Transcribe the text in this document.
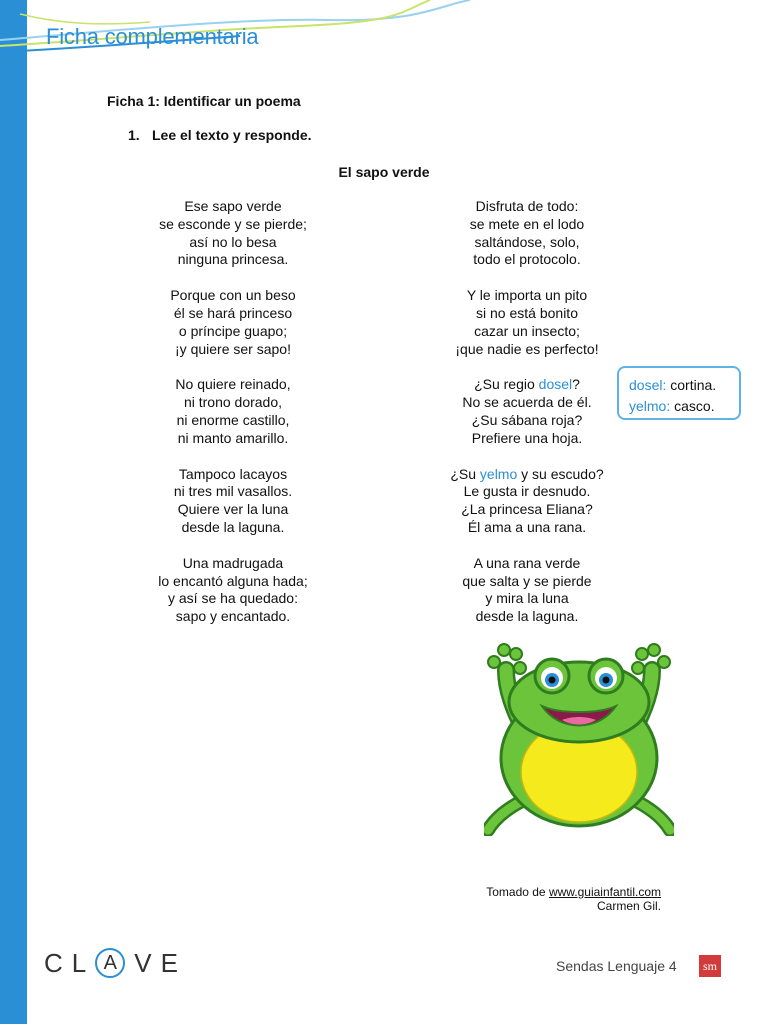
Ficha complementaria
Ficha 1: Identificar un poema
1. Lee el texto y responde.
El sapo verde
Ese sapo verde
se esconde y se pierde;
así no lo besa
ninguna princesa.
Porque con un beso
él se hará princeso
o príncipe guapo;
¡y quiere ser sapo!
No quiere reinado,
ni trono dorado,
ni enorme castillo,
ni manto amarillo.
Tampoco lacayos
ni tres mil vasallos.
Quiere ver la luna
desde la laguna.
Una madrugada
lo encantó alguna hada;
y así se ha quedado:
sapo y encantado.
Disfruta de todo:
se mete en el lodo
saltándose, solo,
todo el protocolo.
Y le importa un pito
si no está bonito
cazar un insecto;
¡que nadie es perfecto!
¿Su regio dosel?
No se acuerda de él.
¿Su sábana roja?
Prefiere una hoja.
¿Su yelmo y su escudo?
Le gusta ir desnudo.
¿La princesa Eliana?
Él ama a una rana.
A una rana verde
que salta y se pierde
y mira la luna
desde la laguna.
dosel: cortina.
yelmo: casco.
Tomado de www.guiainfantil.com
Carmen Gil.
C L A V E	Sendas Lenguaje 4	sm
